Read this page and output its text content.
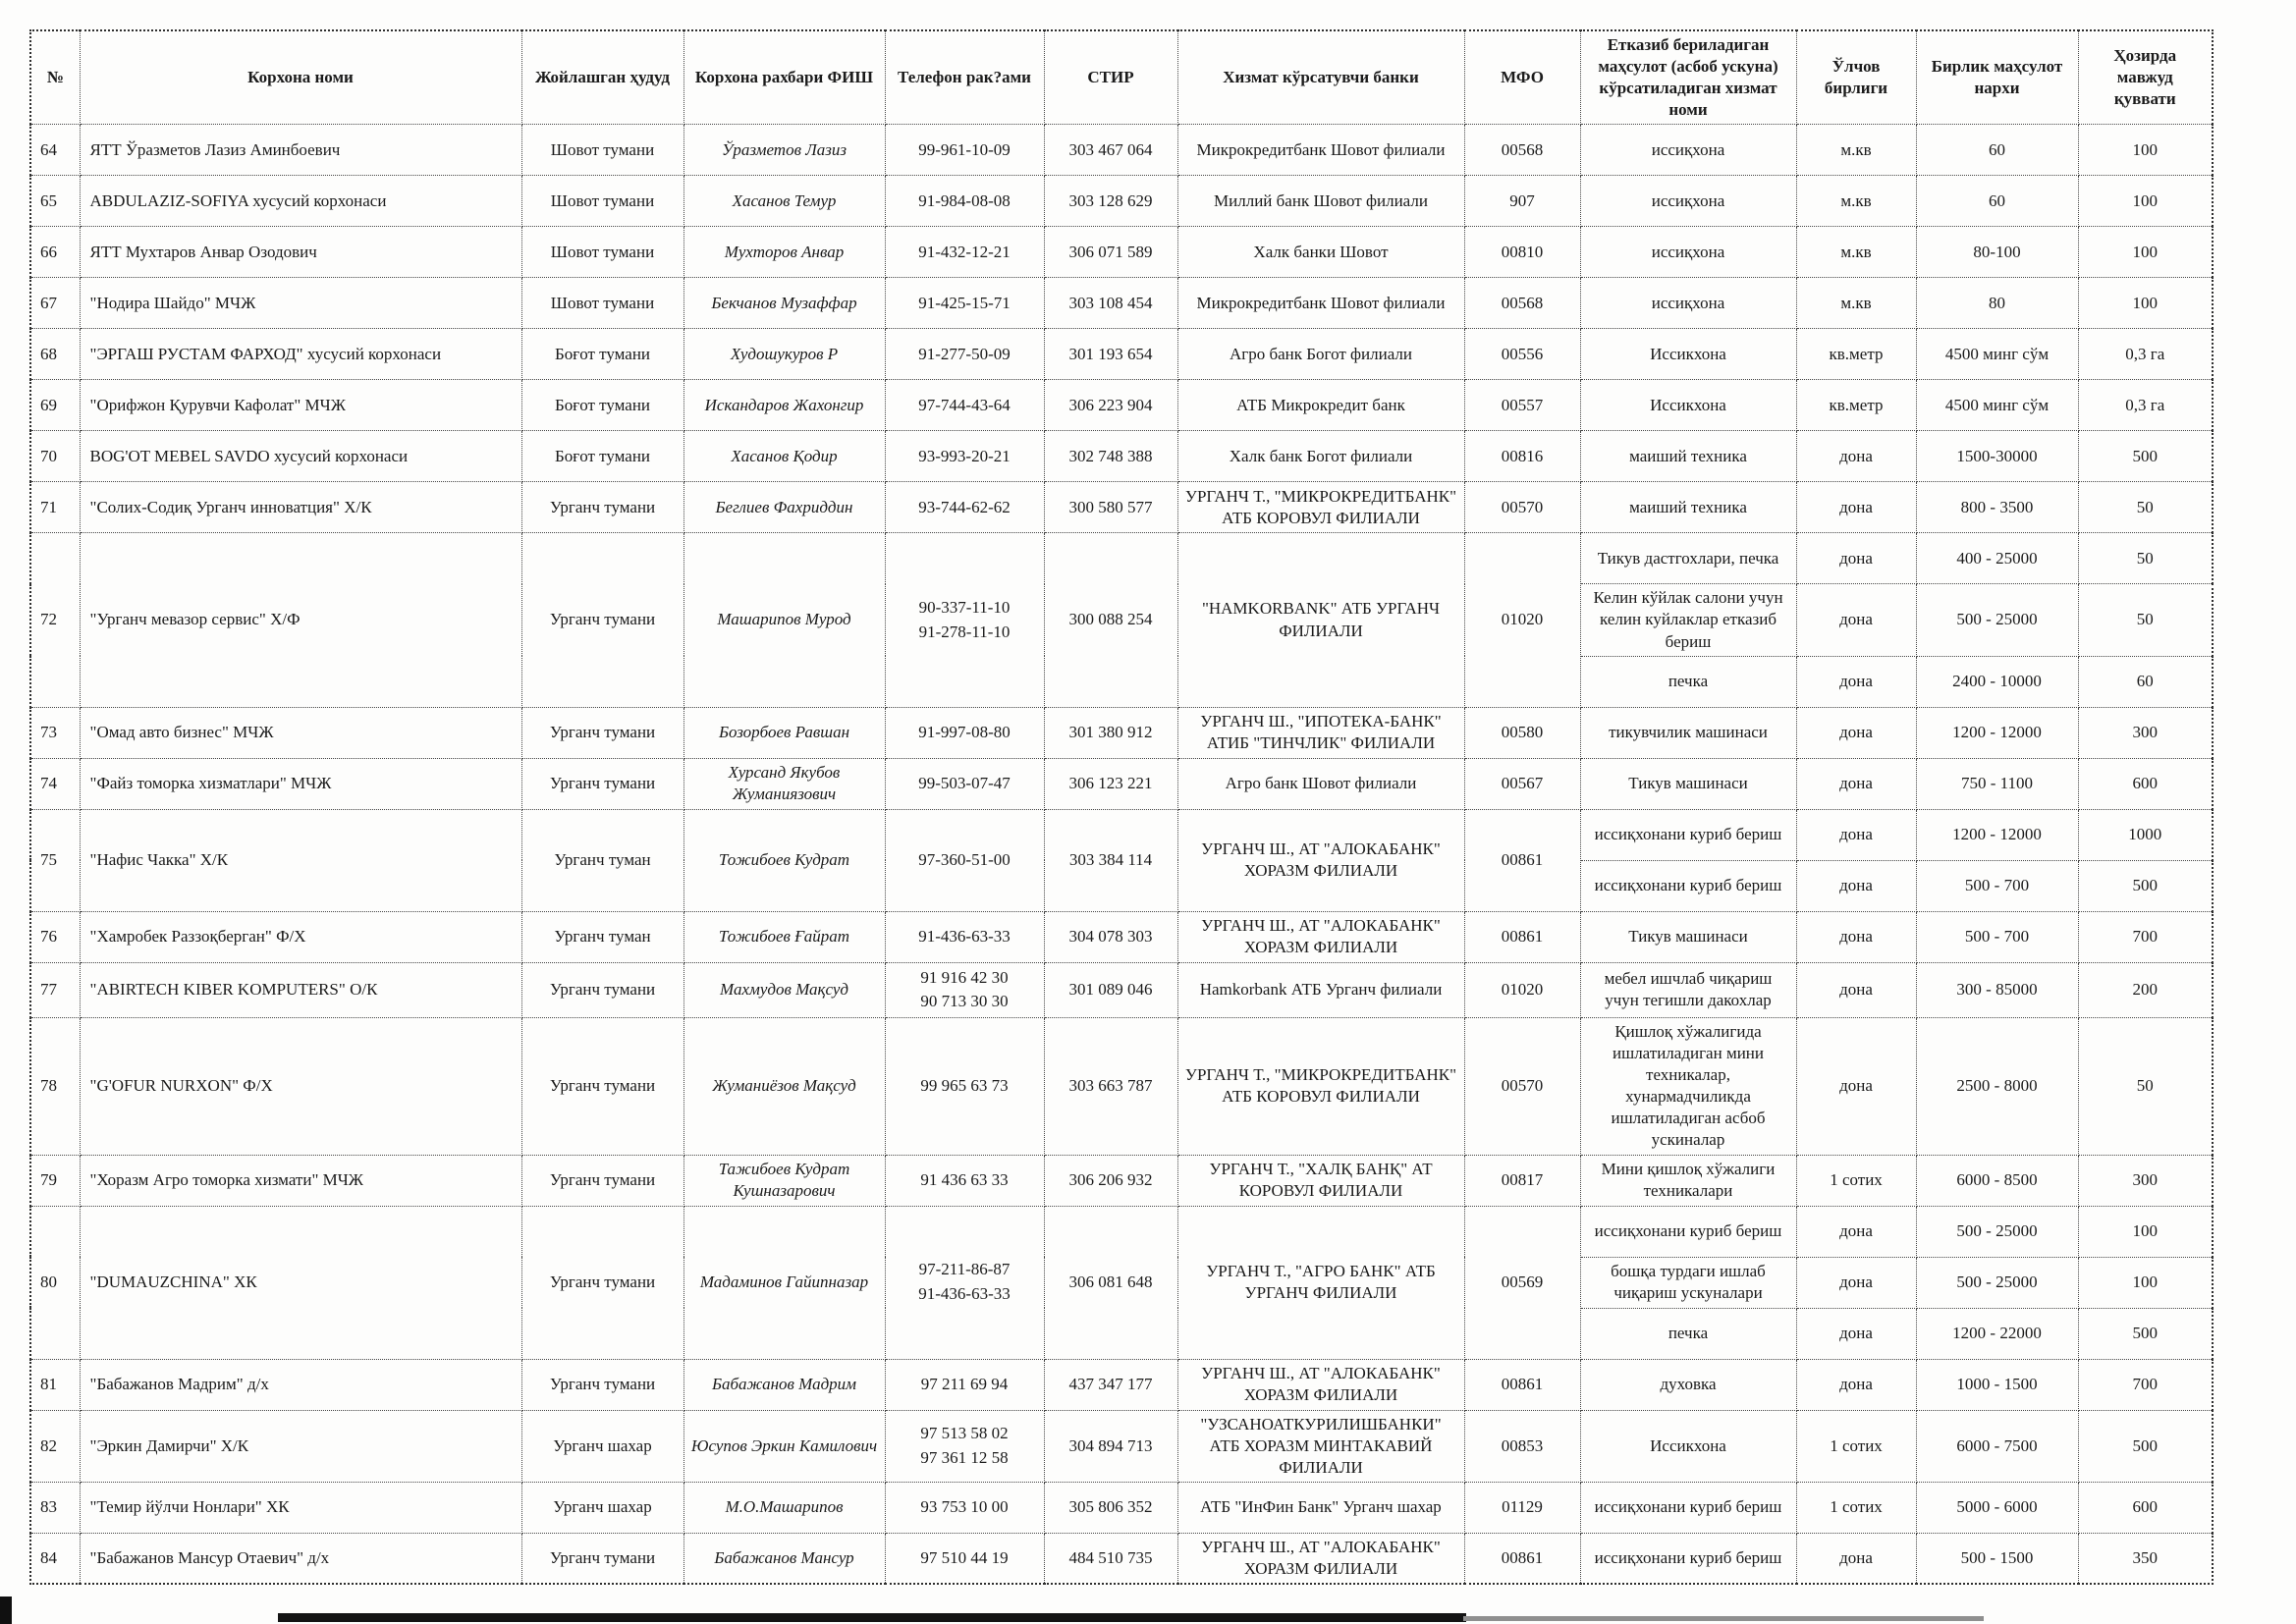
№	Корхона номи	Жойлашган ҳудуд	Корхона рахбари ФИШ	Телефон рак?ами	СТИР	Хизмат кўрсатувчи банки	МФО	Етказиб бериладиган маҳсулот (асбоб ускуна) кўрсатиладиган хизмат номи	Ўлчов бирлиги	Бирлик маҳсулот нархи	Ҳозирда мавжуд қуввати
64	ЯТТ Ўразметов Лазиз Аминбоевич	Шовот тумани	Ўразметов Лазиз	99-961-10-09	303 467 064	Микрокредитбанк Шовот филиали	00568	иссиқхона	м.кв	60	100
65	ABDULAZIZ-SOFIYA хусусий корхонаси	Шовот тумани	Хасанов Темур	91-984-08-08	303 128 629	Миллий банк Шовот филиали	907	иссиқхона	м.кв	60	100
66	ЯТТ Мухтаров Анвар Озодович	Шовот тумани	Мухторов Анвар	91-432-12-21	306 071 589	Халк банки Шовот	00810	иссиқхона	м.кв	80-100	100
67	"Нодира Шайдо" МЧЖ	Шовот тумани	Бекчанов Музаффар	91-425-15-71	303 108 454	Микрокредитбанк Шовот филиали	00568	иссиқхона	м.кв	80	100
68	"ЭРГАШ РУСТАМ ФАРХОД" хусусий корхонаси	Боғот тумани	Худошукуров Р	91-277-50-09	301 193 654	Агро банк Богот филиали	00556	Иссикхона	кв.метр	4500 минг сўм	0,3 га
69	"Орифжон Қурувчи Кафолат" МЧЖ	Боғот тумани	Искандаров Жахонгир	97-744-43-64	306 223 904	АТБ Микрокредит банк	00557	Иссикхона	кв.метр	4500 минг сўм	0,3 га
70	BOG'OT MEBEL SAVDO хусусий корхонаси	Боғот тумани	Хасанов Қодир	93-993-20-21	302 748 388	Халк банк Богот филиали	00816	маиший техника	дона	1500-30000	500
71	"Солих-Содиқ Урганч инноватция" Х/К	Урганч тумани	Беглиев Фахриддин	93-744-62-62	300 580 577	УРГАНЧ Т., "МИКРОКРЕДИТБАНК" АТБ КОРОВУЛ ФИЛИАЛИ	00570	маиший техника	дона	800 - 3500	50
72	"Урганч мевазор сервис" Х/Ф	Урганч тумани	Машарипов Мурод	90-337-11-10
91-278-11-10	300 088 254	"HAMKORBANK" АТБ УРГАНЧ ФИЛИАЛИ	01020	Тикув дастгохлари, печка	дона	400 - 25000	50
								Келин кўйлак салони учун келин куйлаклар етказиб бериш	дона	500 - 25000	50
								печка	дона	2400 - 10000	60
73	"Омад авто бизнес" МЧЖ	Урганч тумани	Бозорбоев Равшан	91-997-08-80	301 380 912	УРГАНЧ Ш., "ИПОТЕКА-БАНК" АТИБ "ТИНЧЛИК" ФИЛИАЛИ	00580	тикувчилик машинаси	дона	1200 - 12000	300
74	"Файз томорка хизматлари" МЧЖ	Урганч тумани	Хурсанд Якубов Жуманиязович	99-503-07-47	306 123 221	Агро банк Шовот филиали	00567	Тикув машинаси	дона	750 - 1100	600
75	"Нафис Чакка" Х/К	Урганч туман	Тожибоев Кудрат	97-360-51-00	303 384 114	УРГАНЧ Ш., АТ "АЛОКАБАНК" ХОРАЗМ ФИЛИАЛИ	00861	иссиқхонани куриб бериш	дона	1200 - 12000	1000
								иссиқхонани куриб бериш	дона	500 - 700	500
76	"Хамробек Раззоқберган" Ф/Х	Урганч туман	Тожибоев Ғайрат	91-436-63-33	304 078 303	УРГАНЧ Ш., АТ "АЛОКАБАНК" ХОРАЗМ ФИЛИАЛИ	00861	Тикув машинаси	дона	500 - 700	700
77	"ABIRTECH KIBER KOMPUTERS" О/К	Урганч тумани	Махмудов Мақсуд	91 916 42 30
90 713 30 30	301 089 046	Hamkorbank АТБ Урганч филиали	01020	мебел ишчлаб чиқариш учун тегишли дакохлар	дона	300 - 85000	200
78	"G'OFUR NURXON" Ф/Х	Урганч тумани	Жуманиёзов Мақсуд	99 965 63 73	303 663 787	УРГАНЧ Т., "МИКРОКРЕДИТБАНК" АТБ КОРОВУЛ ФИЛИАЛИ	00570	Қишлоқ хўжалигида ишлатиладиган мини техникалар, хунармадчиликда ишлатиладиган асбоб ускиналар	дона	2500 - 8000	50
79	"Хоразм Агро томорка хизмати" МЧЖ	Урганч тумани	Тажибоев Кудрат Кушназарович	91 436 63 33	306 206 932	УРГАНЧ Т., "ХАЛҚ БАНҚ" АТ КОРОВУЛ ФИЛИАЛИ	00817	Мини қишлоқ хўжалиги техникалари	1 сотих	6000 - 8500	300
80	"DUMAUZCHINA" ХК	Урганч тумани	Мадаминов Гайипназар	97-211-86-87
91-436-63-33	306 081 648	УРГАНЧ Т., "АГРО БАНК" АТБ УРГАНЧ ФИЛИАЛИ	00569	иссиқхонани куриб бериш	дона	500 - 25000	100
								бошқа турдаги ишлаб чиқариш ускуналари	дона	500 - 25000	100
								печка	дона	1200 - 22000	500
81	"Бабажанов Мадрим" д/х	Урганч тумани	Бабажанов Мадрим	97 211 69 94	437 347 177	УРГАНЧ Ш., АТ "АЛОКАБАНК" ХОРАЗМ ФИЛИАЛИ	00861	духовка	дона	1000 - 1500	700
82	"Эркин Дамирчи" Х/К	Урганч шахар	Юсупов Эркин Камилович	97 513 58 02
97 361 12 58	304 894 713	"УЗСАНОАТКУРИЛИШБАНКИ" АТБ ХОРАЗМ МИНТАКАВИЙ ФИЛИАЛИ	00853	Иссикхона	1 сотих	6000 - 7500	500
83	"Темир йўлчи Нонлари" ХК	Урганч шахар	М.О.Машарипов	93 753 10 00	305 806 352	АТБ "ИнФин Банк" Урганч шахар	01129	иссиқхонани куриб бериш	1 сотих	5000 - 6000	600
84	"Бабажанов Мансур Отаевич" д/х	Урганч тумани	Бабажанов Мансур	97 510 44 19	484 510 735	УРГАНЧ Ш., АТ "АЛОКАБАНК" ХОРАЗМ ФИЛИАЛИ	00861	иссиқхонани куриб бериш	дона	500 - 1500	350
